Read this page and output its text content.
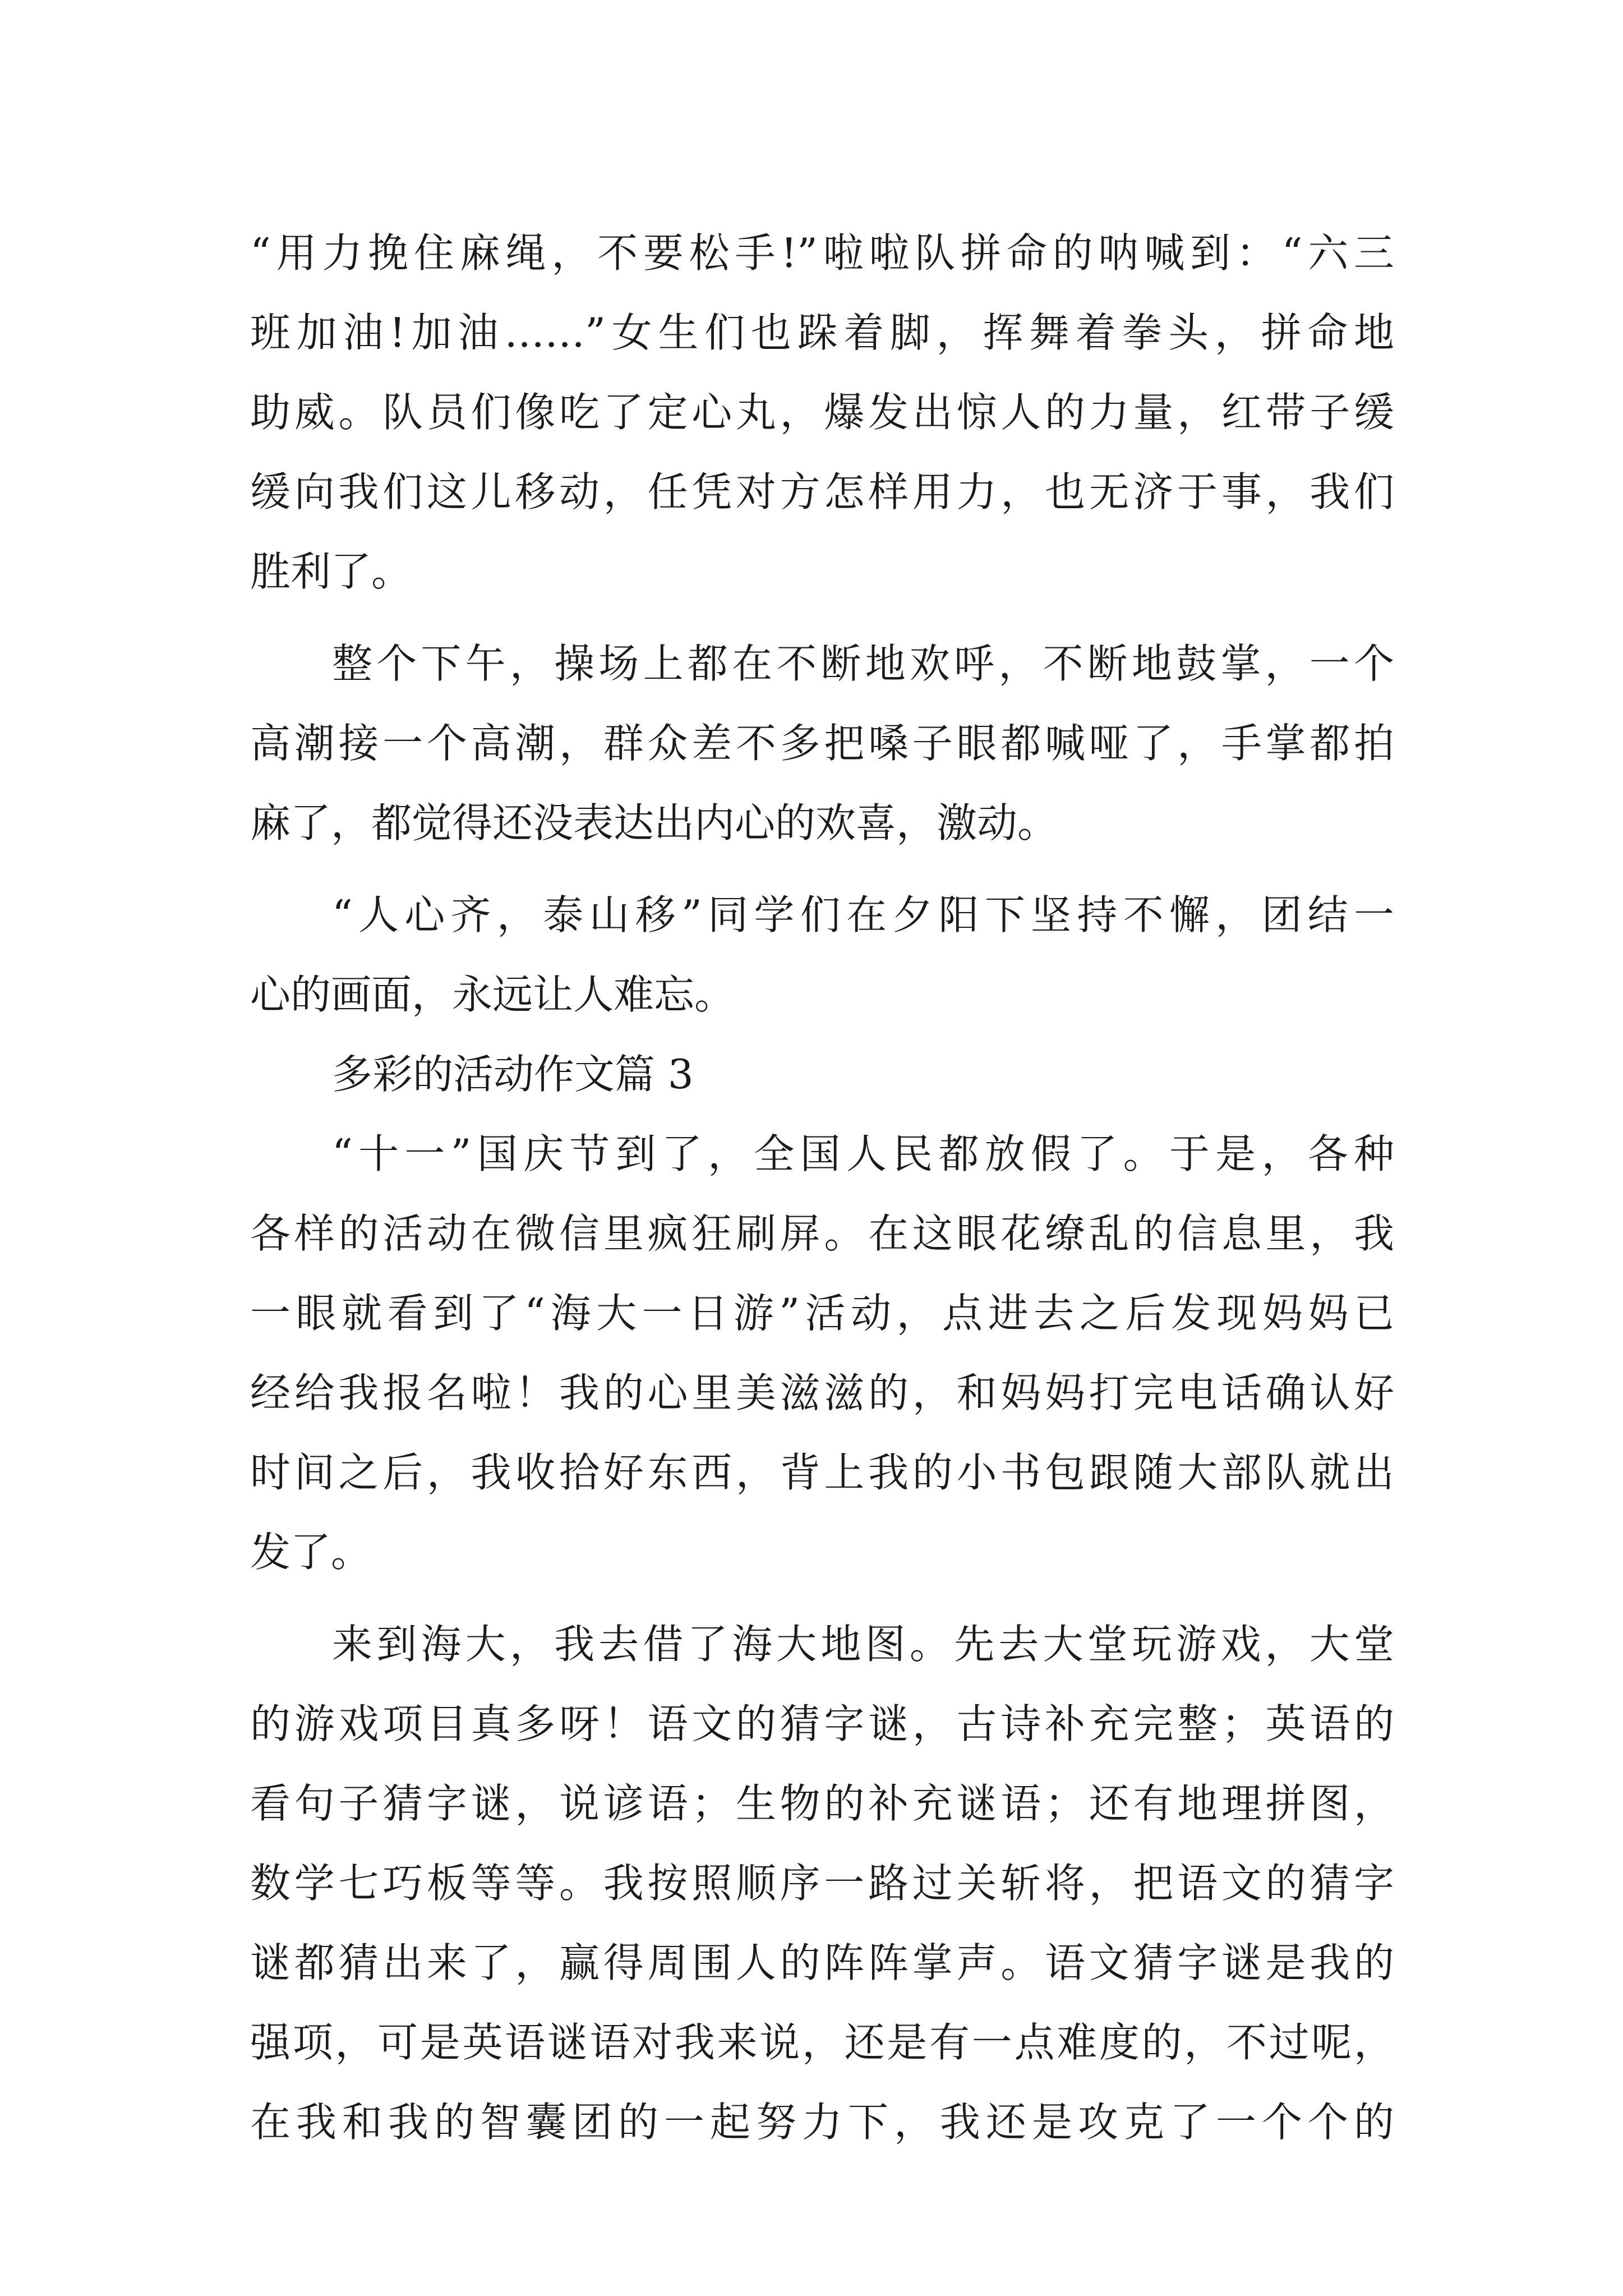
“用力挽住麻绳，不要松手!”啦啦队拼命的呐喊到：“六三
班加油!加油……”女生们也跺着脚，挥舞着拳头，拼命地
助威。队员们像吃了定心丸，爆发出惊人的力量，红带子缓
缓向我们这儿移动，任凭对方怎样用力，也无济于事，我们
胜利了。
整个下午，操场上都在不断地欢呼，不断地鼓掌，一个
高潮接一个高潮，群众差不多把嗓子眼都喊哑了，手掌都拍
麻了，都觉得还没表达出内心的欢喜，激动。
“人心齐，泰山移”同学们在夕阳下坚持不懈，团结一
心的画面，永远让人难忘。
多彩的活动作文篇 3
“十一”国庆节到了，全国人民都放假了。于是，各种
各样的活动在微信里疯狂刷屏。在这眼花缭乱的信息里，我
一眼就看到了“海大一日游”活动，点进去之后发现妈妈已
经给我报名啦！我的心里美滋滋的，和妈妈打完电话确认好
时间之后，我收拾好东西，背上我的小书包跟随大部队就出
发了。
来到海大，我去借了海大地图。先去大堂玩游戏，大堂
的游戏项目真多呀！语文的猜字谜，古诗补充完整；英语的
看句子猜字谜，说谚语；生物的补充谜语；还有地理拼图，
数学七巧板等等。我按照顺序一路过关斩将，把语文的猜字
谜都猜出来了，赢得周围人的阵阵掌声。语文猜字谜是我的
强项，可是英语谜语对我来说，还是有一点难度的，不过呢，
在我和我的智囊团的一起努力下，我还是攻克了一个个的
